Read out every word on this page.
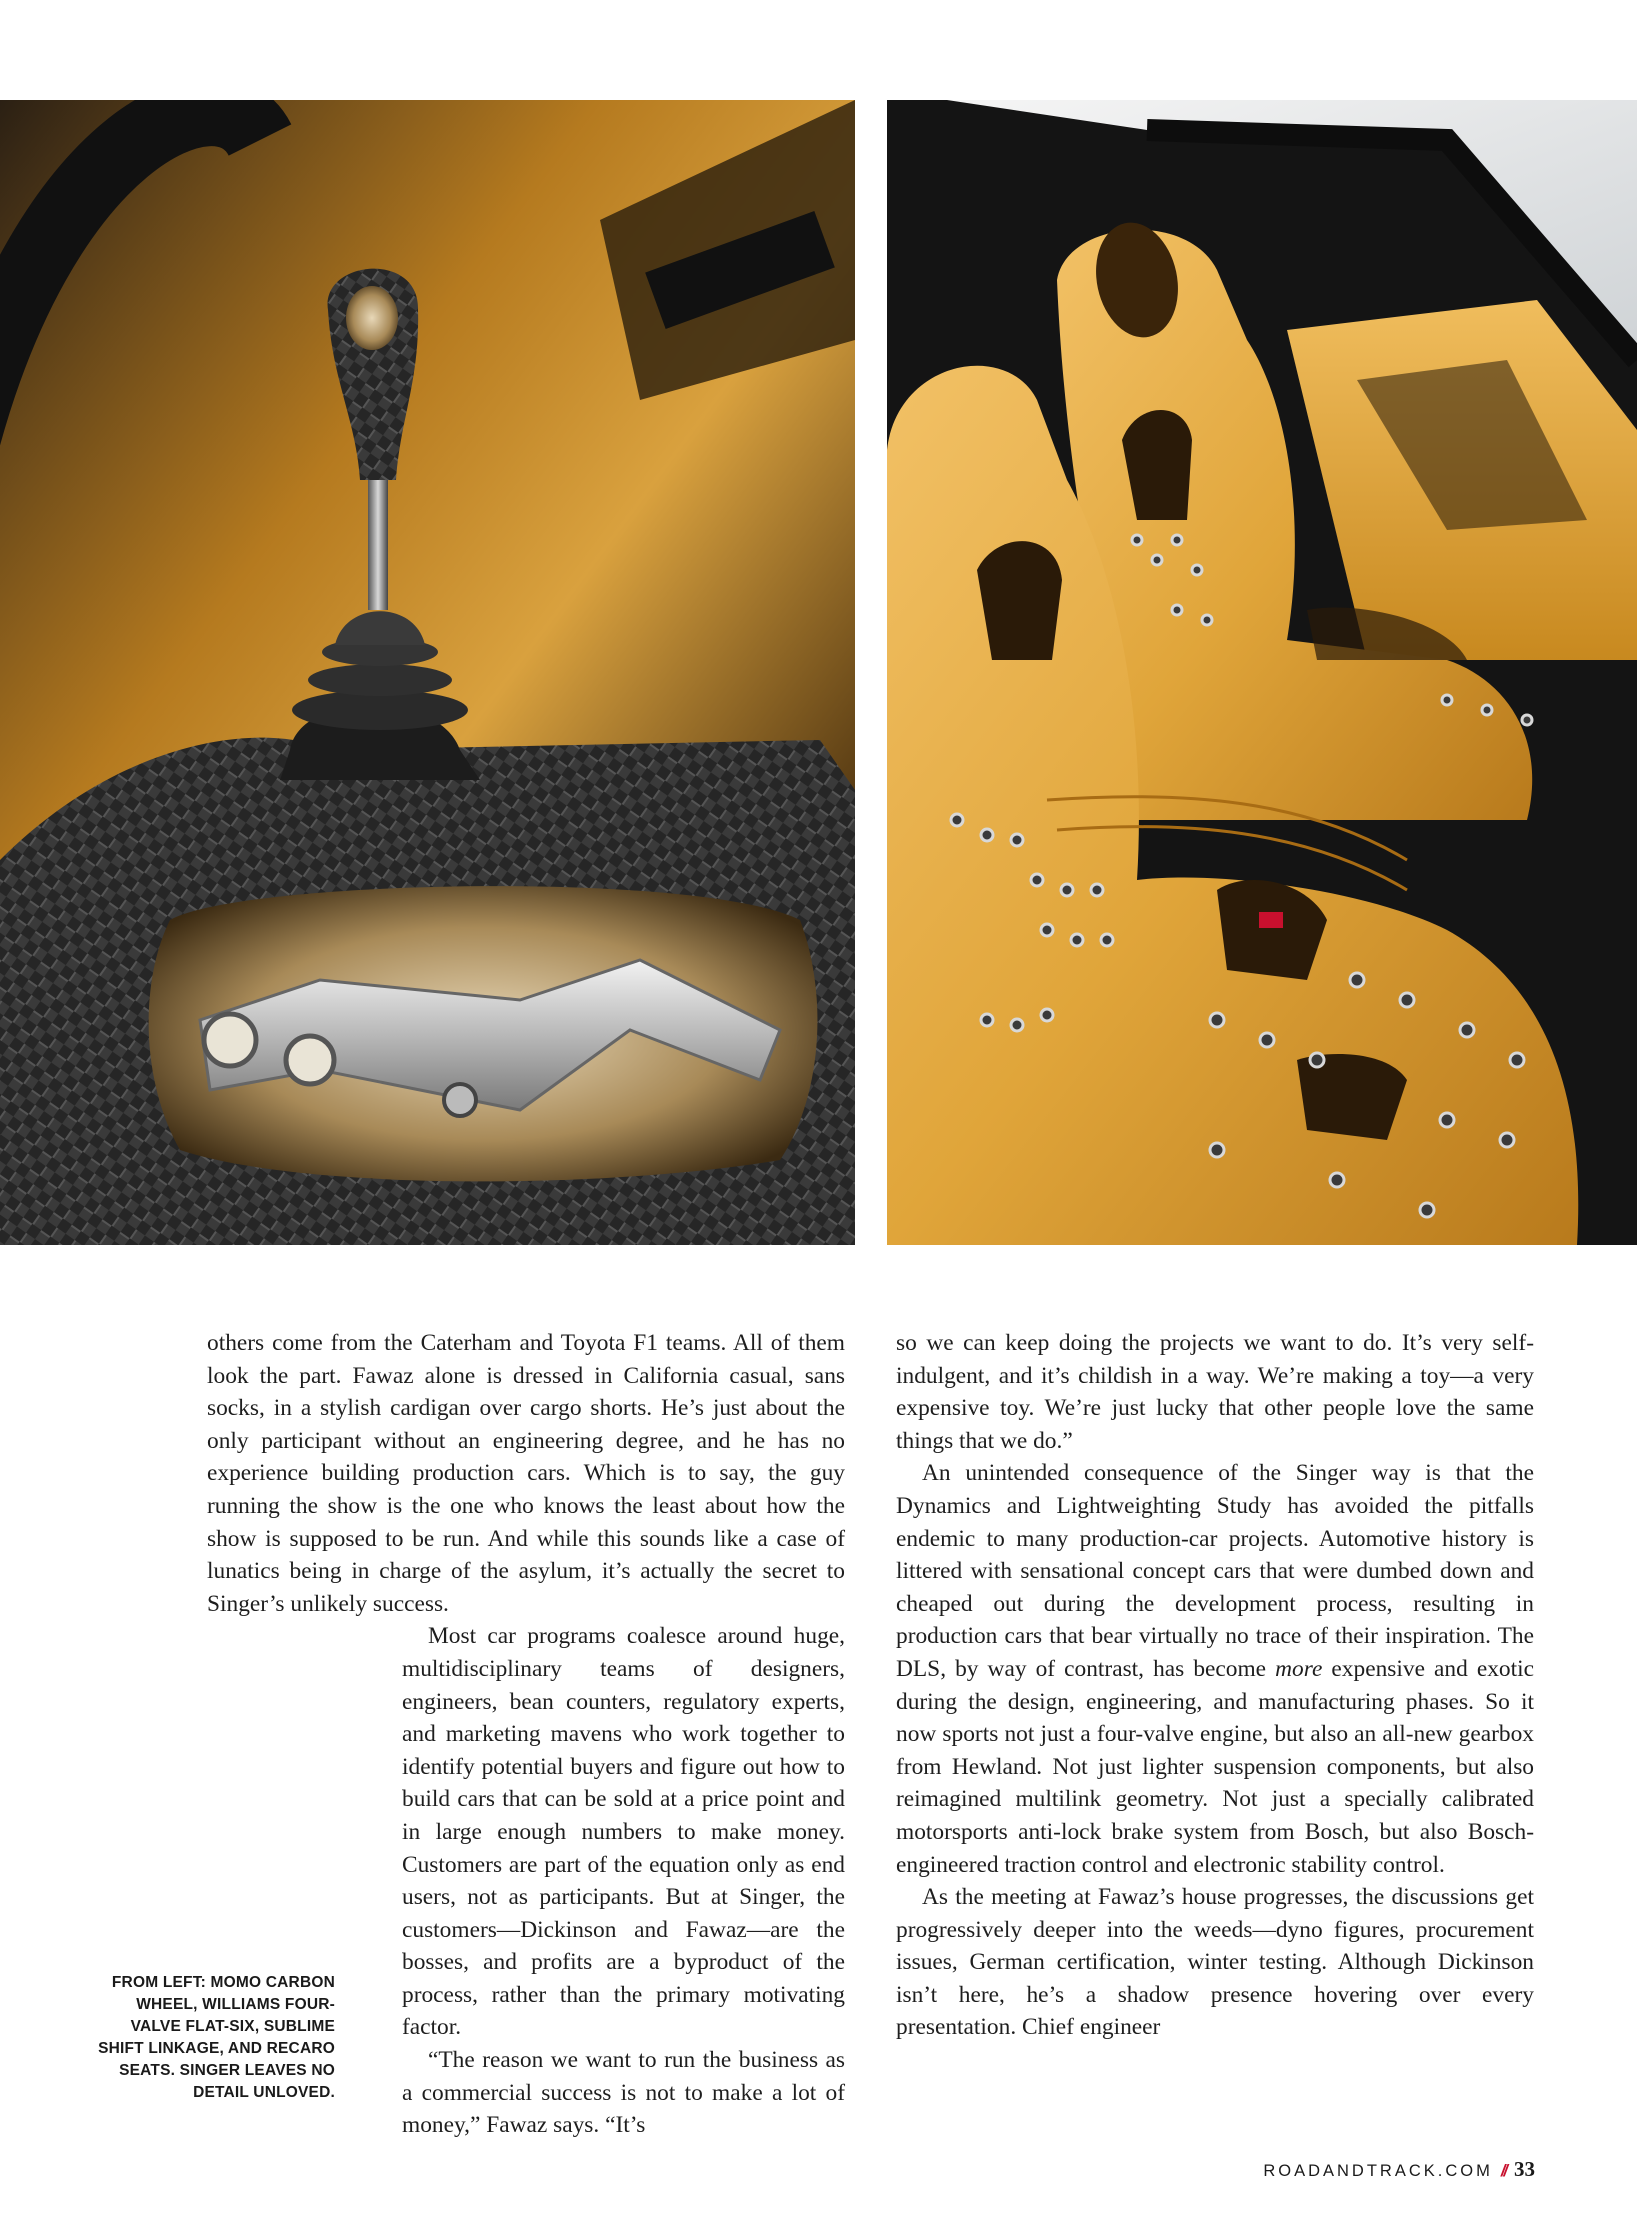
others come from the Caterham and Toyota F1 teams. All of them look the part. Fawaz alone is dressed in California casual, sans socks, in a stylish cardigan over cargo shorts. He’s just about the only participant without an engineering degree, and he has no experience building production cars. Which is to say, the guy running the show is the one who knows the least about how the show is supposed to be run. And while this sounds like a case of lunatics being in charge of the asylum, it’s actually the secret to Singer’s unlikely success.

Most car programs coalesce around huge, multidisciplinary teams of designers, engineers, bean counters, regulatory experts, and marketing mavens who work together to identify potential buyers and figure out how to build cars that can be sold at a price point and in large enough numbers to make money. Customers are part of the equation only as end users, not as participants. But at Singer, the customers—Dickinson and Fawaz—are the bosses, and profits are a byproduct of the process, rather than the primary motivating factor.

“The reason we want to run the business as a commercial success is not to make a lot of money,” Fawaz says. “It’s

so we can keep doing the projects we want to do. It’s very self-indulgent, and it’s childish in a way. We’re making a toy—a very expensive toy. We’re just lucky that other people love the same things that we do.”

An unintended consequence of the Singer way is that the Dynamics and Lightweighting Study has avoided the pitfalls endemic to many production-car projects. Automotive history is littered with sensational concept cars that were dumbed down and cheaped out during the development process, resulting in production cars that bear virtually no trace of their inspiration. The DLS, by way of contrast, has become more expensive and exotic during the design, engineering, and manufacturing phases. So it now sports not just a four-valve engine, but also an all-new gearbox from Hewland. Not just lighter suspension components, but also reimagined multilink geometry. Not just a specially calibrated motorsports anti-lock brake system from Bosch, but also Bosch-engineered traction control and electronic stability control.

As the meeting at Fawaz’s house progresses, the discussions get progressively deeper into the weeds—dyno figures, procurement issues, German certification, winter testing. Although Dickinson isn’t here, he’s a shadow presence hovering over every presentation. Chief engineer

FROM LEFT: MOMO CARBON WHEEL, WILLIAMS FOUR-VALVE FLAT-SIX, SUBLIME SHIFT LINKAGE, AND RECARO SEATS. SINGER LEAVES NO DETAIL UNLOVED.
ROADANDTRACK.COM // 33
